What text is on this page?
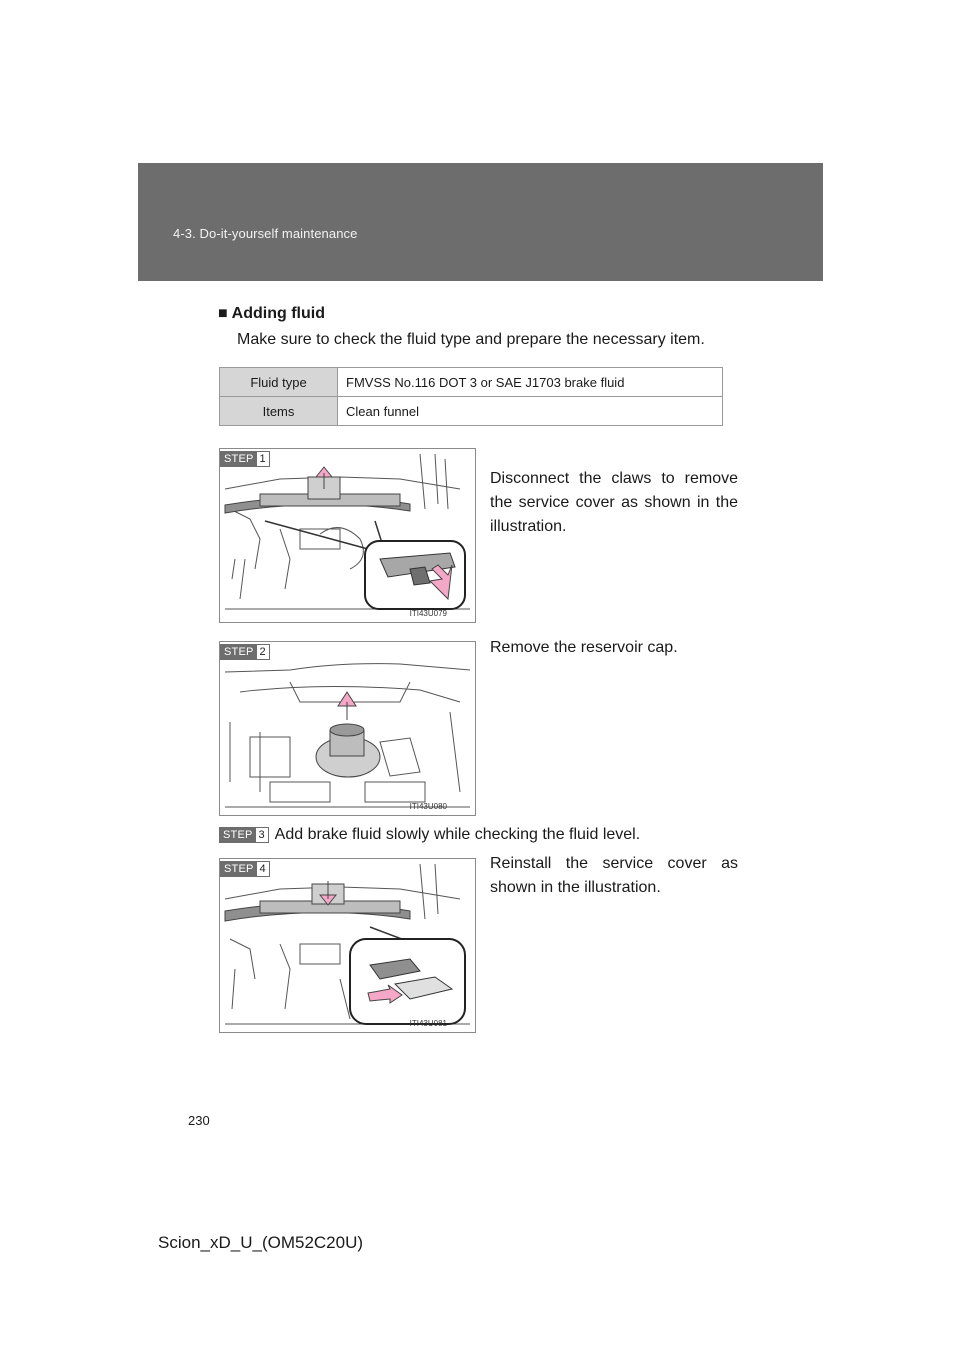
4-3. Do-it-yourself maintenance
■ Adding fluid
Make sure to check the fluid type and prepare the necessary item.
Fluid type	FMVSS No.116 DOT 3 or SAE J1703 brake fluid
Items	Clean funnel
STEP 1
ITI43U079
Disconnect the claws to remove the service cover as shown in the illustration.
STEP 2
ITI43U080
Remove the reservoir cap.
STEP 3 Add brake fluid slowly while checking the fluid level.
STEP 4
ITI43U081
Reinstall the service cover as shown in the illustration.
230
Scion_xD_U_(OM52C20U)
